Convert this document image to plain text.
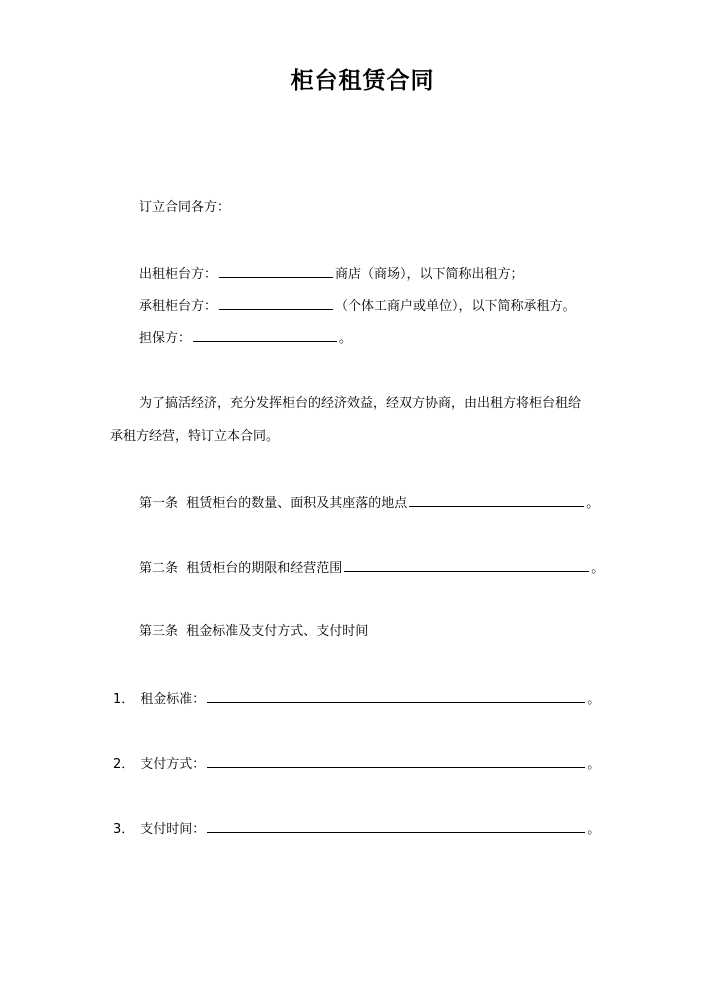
柜台租赁合同
订立合同各方：
出租柜台方：	商店（商场），以下简称出租方；
承租柜台方：	（个体工商户或单位），以下简称承租方。
担保方：	。
为了搞活经济，充分发挥柜台的经济效益，经双方协商，由出租方将柜台租给
承租方经营，特订立本合同。
第一条  租赁柜台的数量、面积及其座落的地点	。
第二条  租赁柜台的期限和经营范围	。
第三条  租金标准及支付方式、支付时间
1． 租金标准：	。
2． 支付方式：	。
3． 支付时间：	。
